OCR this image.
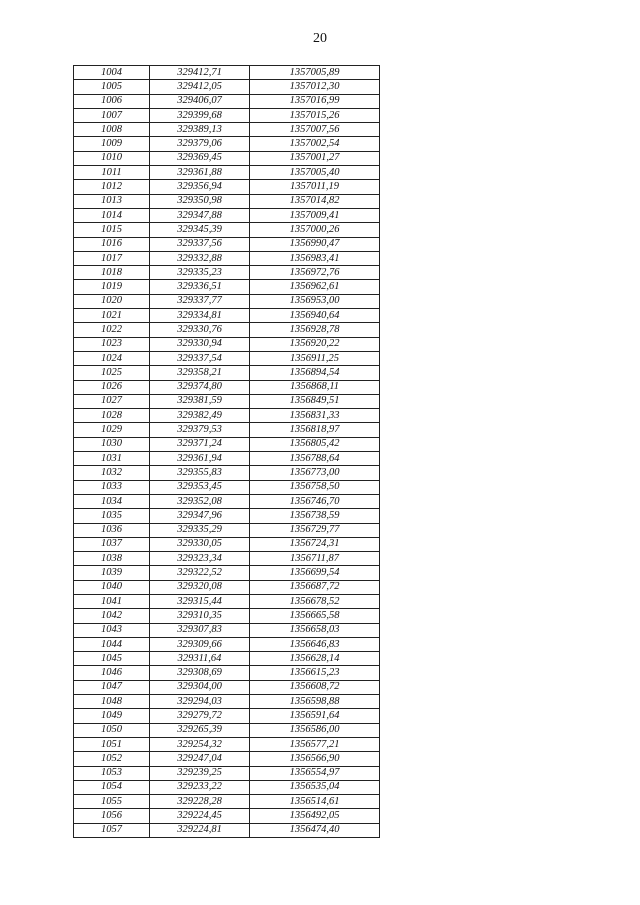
20
1004	329412,71	1357005,89
1005	329412,05	1357012,30
1006	329406,07	1357016,99
1007	329399,68	1357015,26
1008	329389,13	1357007,56
1009	329379,06	1357002,54
1010	329369,45	1357001,27
1011	329361,88	1357005,40
1012	329356,94	1357011,19
1013	329350,98	1357014,82
1014	329347,88	1357009,41
1015	329345,39	1357000,26
1016	329337,56	1356990,47
1017	329332,88	1356983,41
1018	329335,23	1356972,76
1019	329336,51	1356962,61
1020	329337,77	1356953,00
1021	329334,81	1356940,64
1022	329330,76	1356928,78
1023	329330,94	1356920,22
1024	329337,54	1356911,25
1025	329358,21	1356894,54
1026	329374,80	1356868,11
1027	329381,59	1356849,51
1028	329382,49	1356831,33
1029	329379,53	1356818,97
1030	329371,24	1356805,42
1031	329361,94	1356788,64
1032	329355,83	1356773,00
1033	329353,45	1356758,50
1034	329352,08	1356746,70
1035	329347,96	1356738,59
1036	329335,29	1356729,77
1037	329330,05	1356724,31
1038	329323,34	1356711,87
1039	329322,52	1356699,54
1040	329320,08	1356687,72
1041	329315,44	1356678,52
1042	329310,35	1356665,58
1043	329307,83	1356658,03
1044	329309,66	1356646,83
1045	329311,64	1356628,14
1046	329308,69	1356615,23
1047	329304,00	1356608,72
1048	329294,03	1356598,88
1049	329279,72	1356591,64
1050	329265,39	1356586,00
1051	329254,32	1356577,21
1052	329247,04	1356566,90
1053	329239,25	1356554,97
1054	329233,22	1356535,04
1055	329228,28	1356514,61
1056	329224,45	1356492,05
1057	329224,81	1356474,40
